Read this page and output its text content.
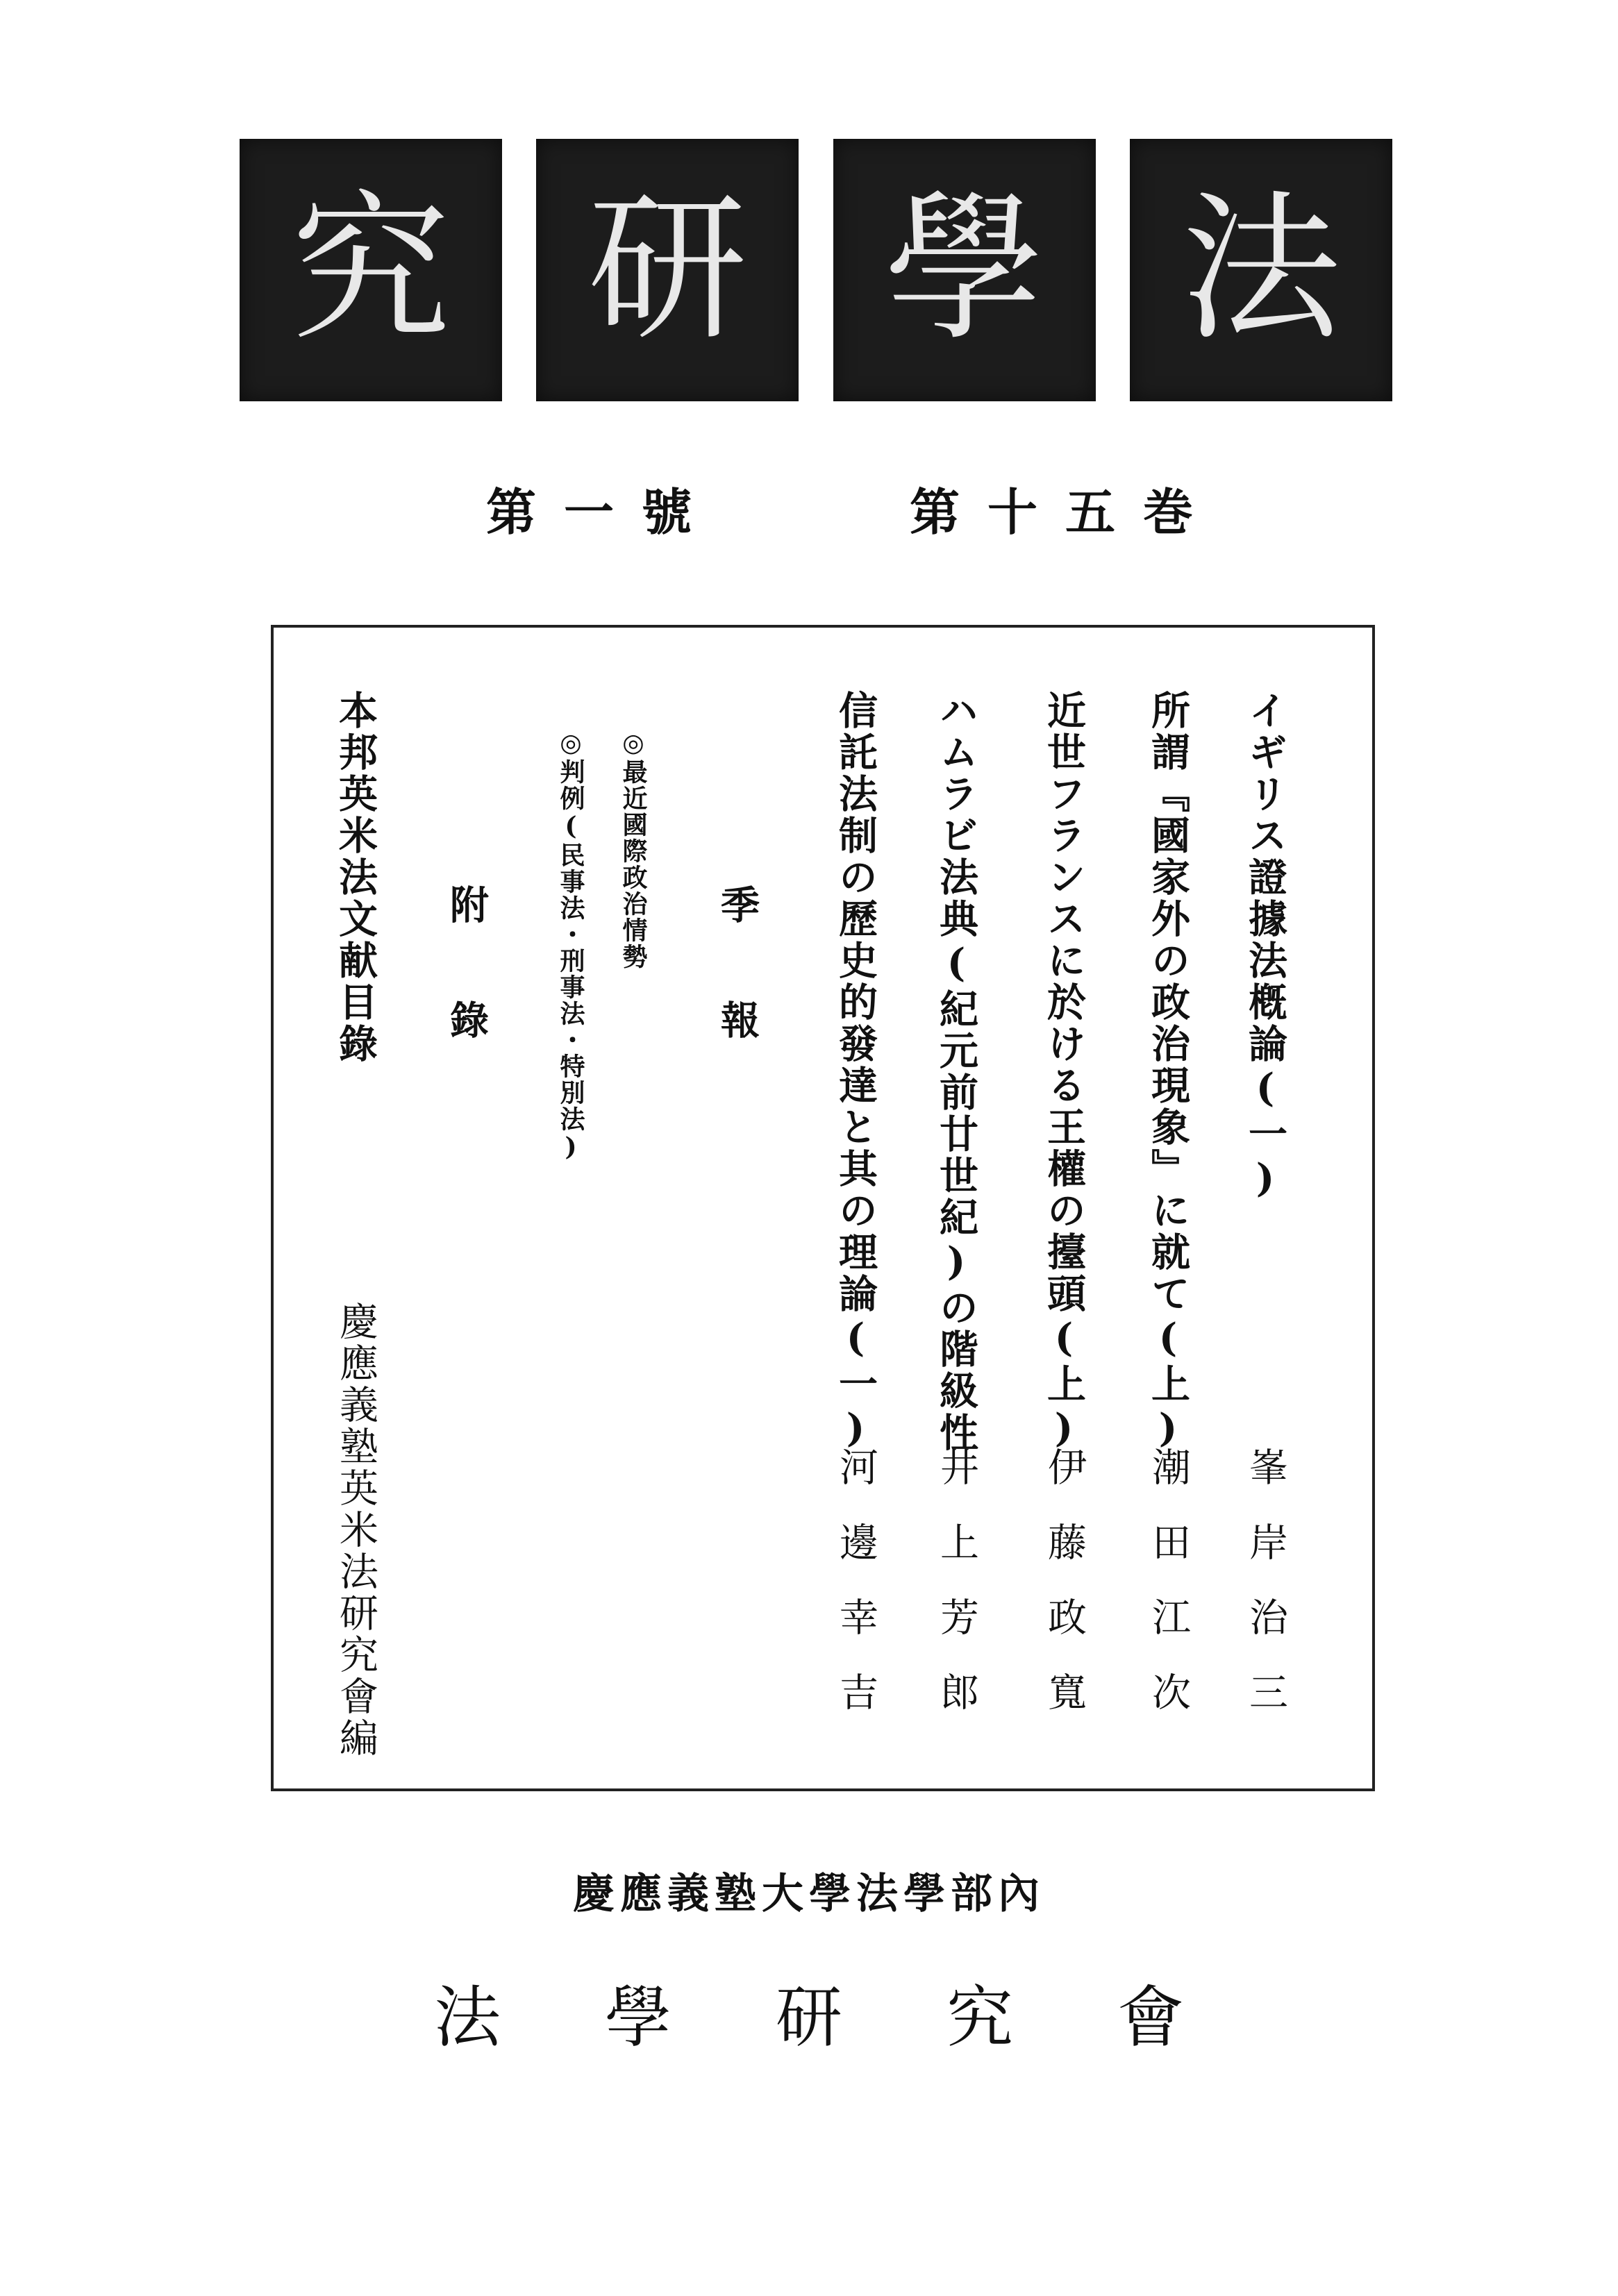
法
學
研
究
第十五巻
第一號
イギリス證據法槪論(一)
峯岸治三
所謂『國家外の政治現象』に就て(上)
潮田江次
近世フランスに於ける王權の擡頭(上)
伊藤政寬
ハムラビ法典(紀元前廿世紀)の階級性
井上芳郎
信託法制の歷史的發達と其の理論(一)
河邊幸吉
季報
◎最近國際政治情勢
◎判例(民事法・刑事法・特別法)
附錄
本邦英米法文献目錄
慶應義塾英米法研究會編
慶應義塾大學法學部內
法學研究會
